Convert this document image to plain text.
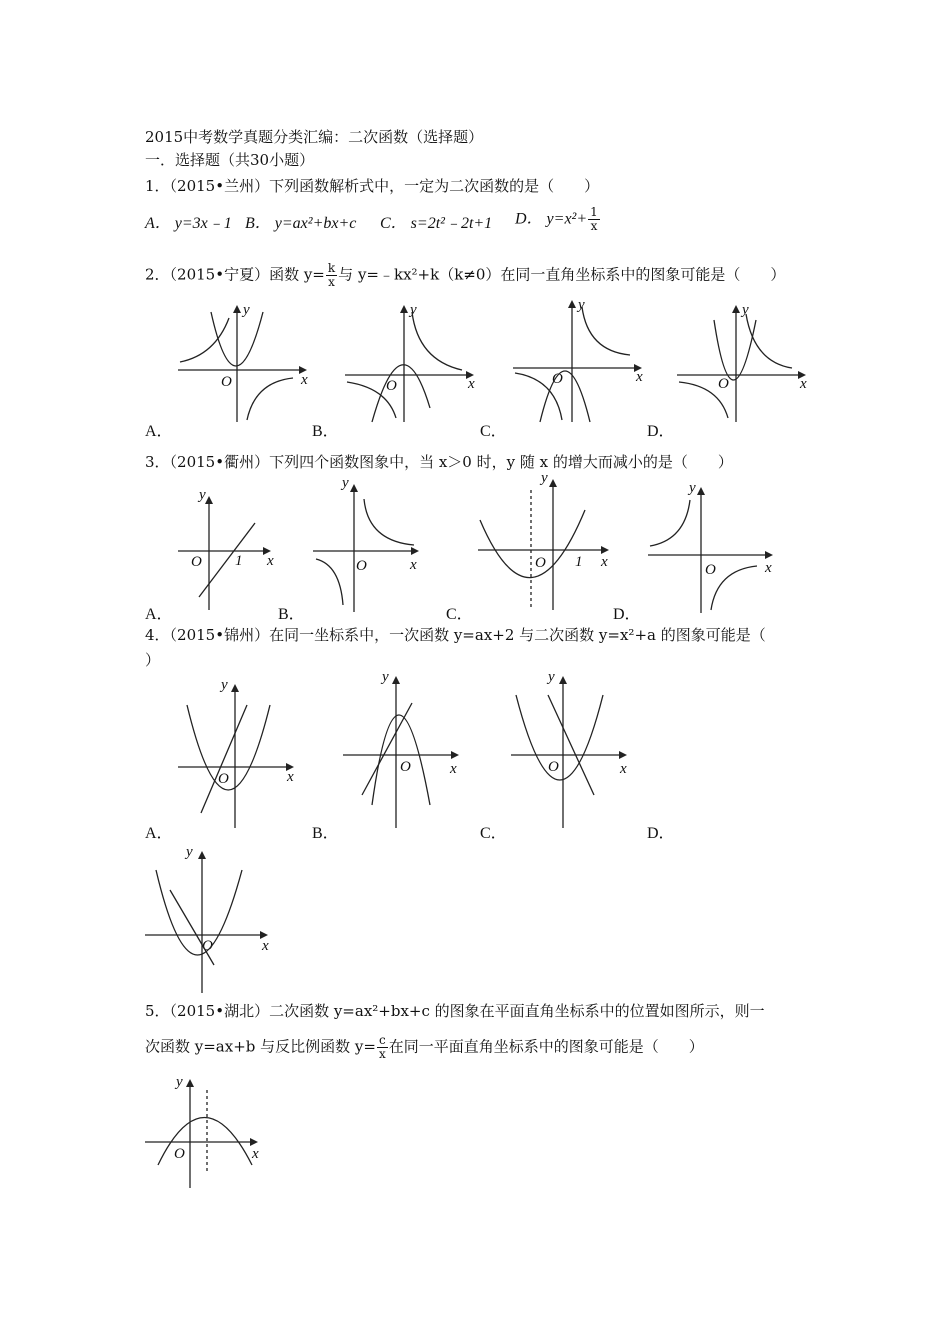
2015中考数学真题分类汇编：二次函数（选择题）
一．选择题（共30小题）
1．（2015•兰州）下列函数解析式中，一定为二次函数的是（　　）
A． y=3x﹣1 B． y=ax²+bx+c C． s=2t²﹣2t+1 D． $y=x^2+ \frac{1}{x}$
2．（2015•宁夏）函数 $y= \frac{k}{x}$ 与 y=﹣kx²+k（k≠0）在同一直角坐标系中的图象可能是（　　）
y
x
O
y
x
O
y
x
O
y
x
O
A．	B．	C．	D．
3．（2015•衢州）下列四个函数图象中，当 x＞0 时，y 随 x 的增大而减小的是（　　）
y
x
O 1
y
x
O
y
x
O 1
y
x
O
A．	B．	C．	D．
4．（2015•锦州）在同一坐标系中，一次函数 y=ax+2 与二次函数 y=x²+a 的图象可能是（
）
y
x
O
y
x
O
y
x
O
A．	B．	C．	D．
y
x
O
5．（2015•湖北）二次函数 y=ax²+bx+c 的图象在平面直角坐标系中的位置如图所示，则一
次函数 y=ax+b 与反比例函数 $y= \frac{c}{x}$ 在同一平面直角坐标系中的图象可能是（　　）
y
x
O
